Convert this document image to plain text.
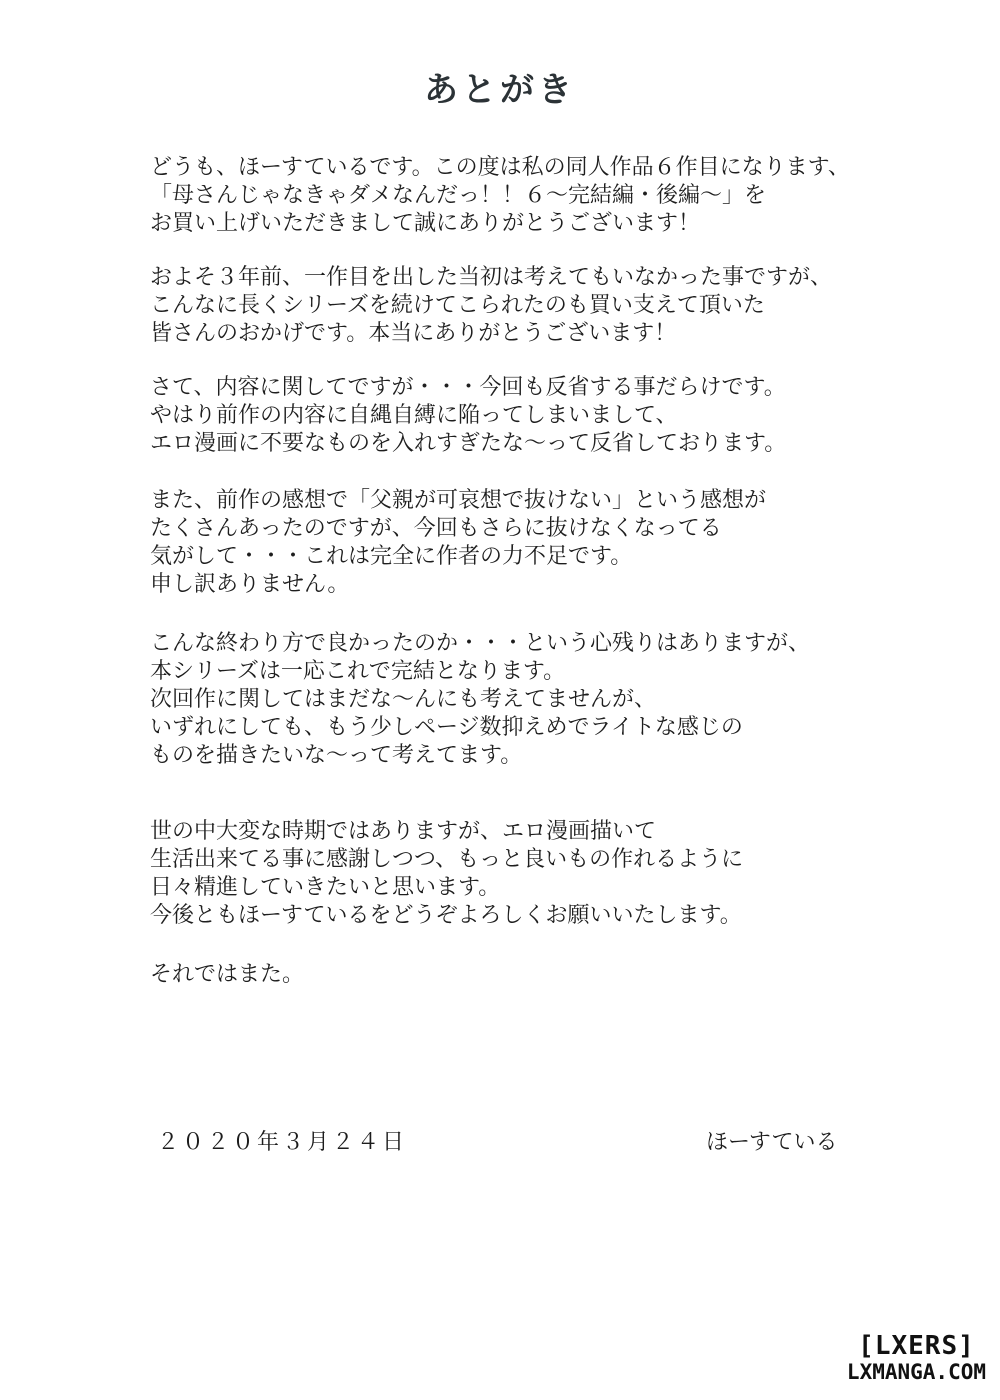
あとがき
どうも、ほーすているです。この度は私の同人作品６作目になります、
「母さんじゃなきゃダメなんだっ！！６～完結編・後編～」を
お買い上げいただきまして誠にありがとうございます！
およそ３年前、一作目を出した当初は考えてもいなかった事ですが、
こんなに長くシリーズを続けてこられたのも買い支えて頂いた
皆さんのおかげです。本当にありがとうございます！
さて、内容に関してですが・・・今回も反省する事だらけです。
やはり前作の内容に自縄自縛に陥ってしまいまして、
エロ漫画に不要なものを入れすぎたな～って反省しております。
また、前作の感想で「父親が可哀想で抜けない」という感想が
たくさんあったのですが、今回もさらに抜けなくなってる
気がして・・・これは完全に作者の力不足です。
申し訳ありません。
こんな終わり方で良かったのか・・・という心残りはありますが、
本シリーズは一応これで完結となります。
次回作に関してはまだな～んにも考えてませんが、
いずれにしても、もう少しページ数抑えめでライトな感じの
ものを描きたいな～って考えてます。
世の中大変な時期ではありますが、エロ漫画描いて
生活出来てる事に感謝しつつ、もっと良いもの作れるように
日々精進していきたいと思います。
今後ともほーすているをどうぞよろしくお願いいたします。
それではまた。
２０２０年３月２４日	ほーすている
[LXERS]
LXMANGA.COM
